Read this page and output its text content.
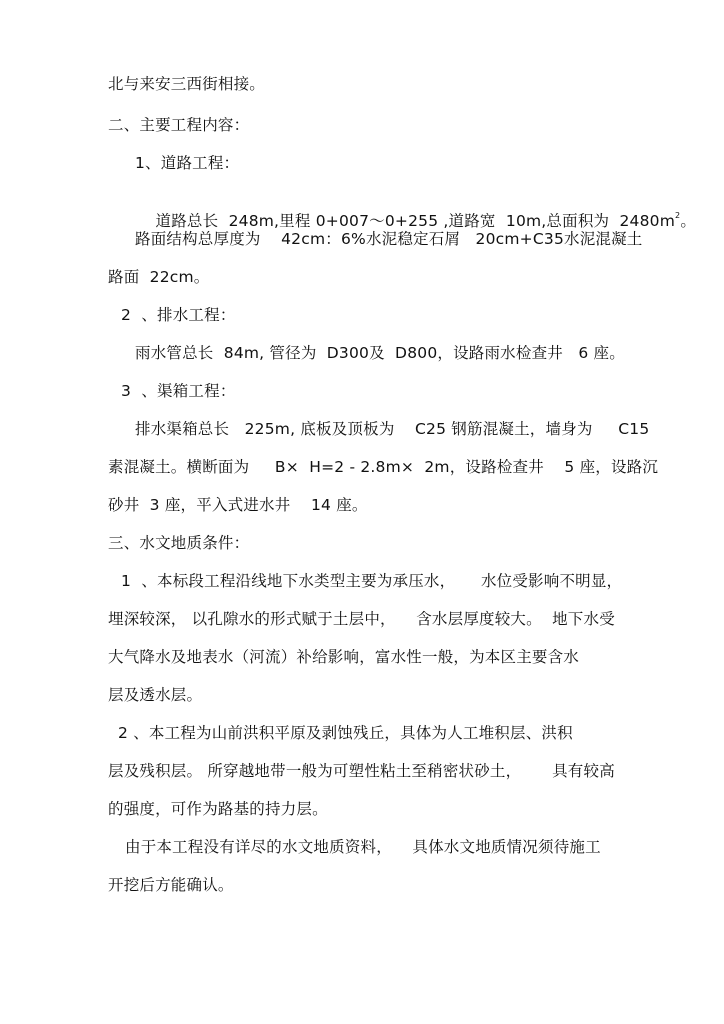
北与来安三西街相接。
二、主要工程内容：
1、道路工程：

道路总长  248m,里程 0+007～0+255 ,道路宽  10m,总面积为  $2480m^2$。

路面结构总厚度为    42cm：6%水泥稳定石屑   20cm+C35水泥混凝土
路面  22cm。
2  、排水工程：
雨水管总长  84m, 管径为  D300及  D800，设路雨水检查井   6 座。
3  、渠箱工程：
排水渠箱总长   225m, 底板及顶板为    C25 钢筋混凝土，墙身为     C15
素混凝土。横断面为     B×  H=2 - 2.8m×  2m，设路检查井    5 座，设路沉
砂井  3 座，平入式进水井    14 座。
三、水文地质条件：
1  、本标段工程沿线地下水类型主要为承压水，     水位受影响不明显，
埋深较深， 以孔隙水的形式赋于土层中，    含水层厚度较大。  地下水受
大气降水及地表水（河流）补给影响，富水性一般，为本区主要含水
层及透水层。
2 、本工程为山前洪积平原及剥蚀残丘，具体为人工堆积层、洪积
层及残积层。 所穿越地带一般为可塑性粘土至稍密状砂土，      具有较高
的强度，可作为路基的持力层。
由于本工程没有详尽的水文地质资料，    具体水文地质情况须待施工
开挖后方能确认。
